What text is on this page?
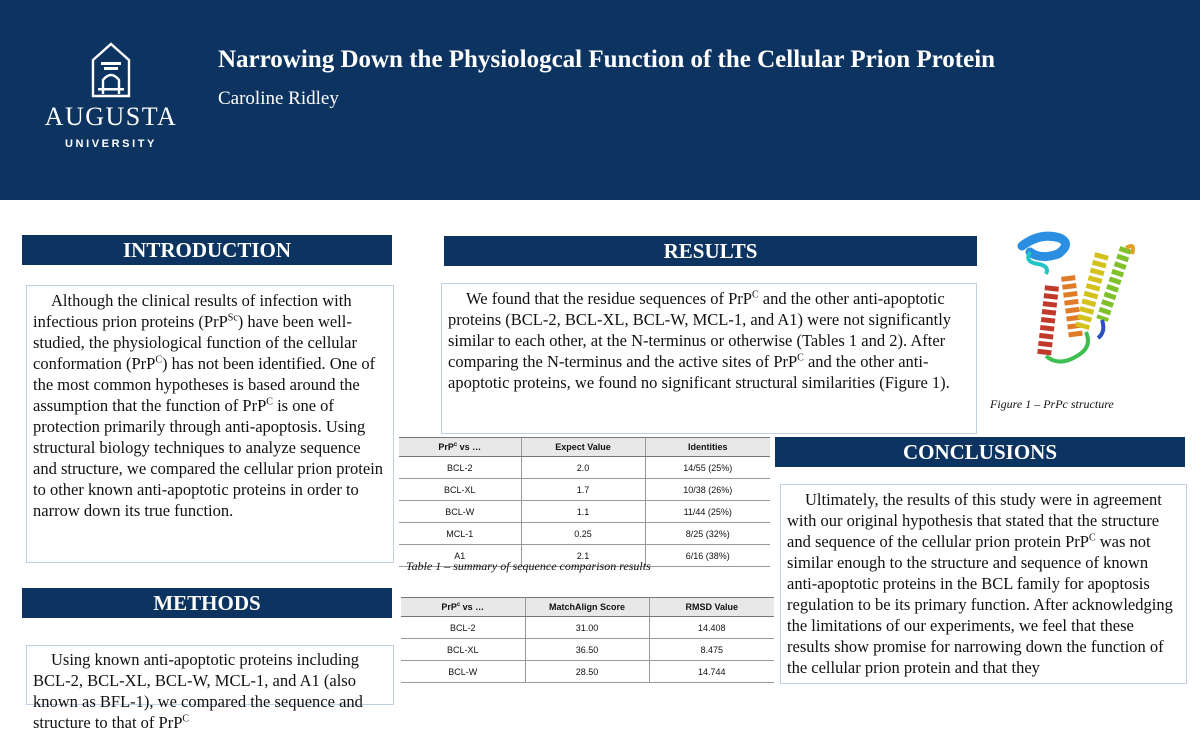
AUGUSTA
UNIVERSITY
Narrowing Down the Physiologcal Function of the Cellular Prion Protein
Caroline Ridley
INTRODUCTION
Although the clinical results of infection with infectious prion proteins (PrP$^{Sc}$) have been well-studied, the physiological function of the cellular conformation (PrP$^C$) has not been identified. One of the most common hypotheses is based around the assumption that the function of PrP$^C$ is one of protection primarily through anti-apoptosis. Using structural biology techniques to analyze sequence and structure, we compared the cellular prion protein to other known anti-apoptotic proteins in order to narrow down its true function.
METHODS
Using known anti-apoptotic proteins including BCL-2, BCL-XL, BCL-W, MCL-1, and A1 (also known as BFL-1), we compared the sequence and structure to that of PrP$^C$
RESULTS
We found that the residue sequences of PrP$^C$ and the other anti-apoptotic proteins (BCL-2, BCL-XL, BCL-W, MCL-1, and A1) were not significantly similar to each other, at the N-terminus or otherwise (Tables 1 and 2). After comparing the N-terminus and the active sites of PrP$^C$ and the other anti-apoptotic proteins, we found no significant structural similarities (Figure 1).
Figure 1 – PrPc structure
PrP$^c$ vs …	Expect Value	Identities
BCL-2	2.0	14/55 (25%)
BCL-XL	1.7	10/38 (26%)
BCL-W	1.1	11/44 (25%)
MCL-1	0.25	8/25 (32%)
A1	2.1	6/16 (38%)
Table 1 – summary of sequence comparison results
PrP$^c$ vs …	MatchAlign Score	RMSD Value
BCL-2	31.00	14.408
BCL-XL	36.50	8.475
BCL-W	28.50	14.744
CONCLUSIONS
Ultimately, the results of this study were in agreement with our original hypothesis that stated that the structure and sequence of the cellular prion protein PrP$^C$ was not similar enough to the structure and sequence of known anti-apoptotic proteins in the BCL family for apoptosis regulation to be its primary function. After acknowledging the limitations of our experiments, we feel that these results show promise for narrowing down the function of the cellular prion protein and that they
